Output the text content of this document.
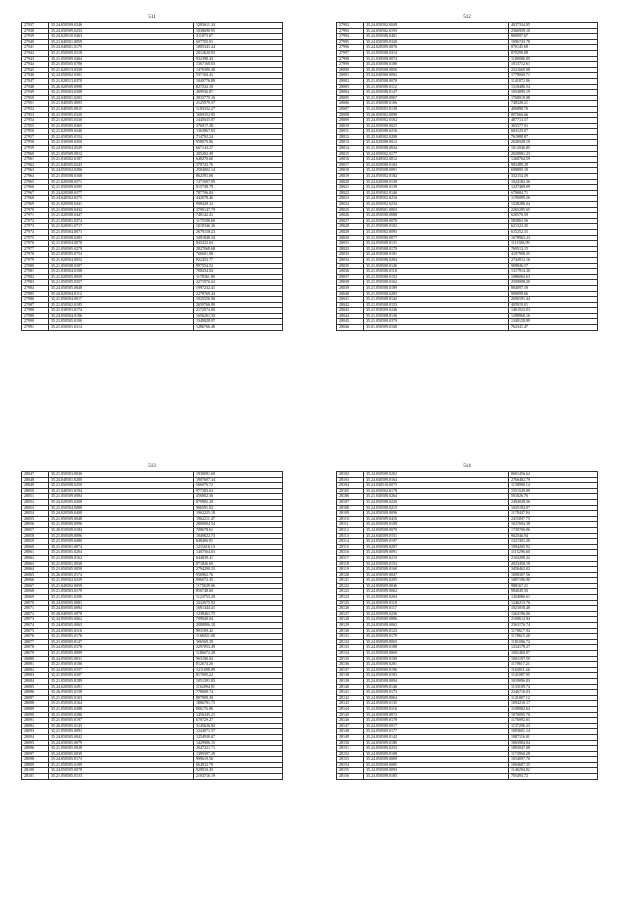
511
27937	35.24.050509.0246	1283611.34
27938	35.24.050509.0233	1038690.95
27939	35.24.020510.0463	311073.67
27940	35.21.040501.0059	607765.01
27941	35.24.040501.0175	1805341.24
27942	35.21.050509.0318	2012620.83
27943	35.21.050509.0404	932398.43
27944	35.21.050505.0786	1367168.03
27945	35.21.020513.0338	1478390.40
27946	35.24.050502.0301	537184.41
27947	35.21.020513.0370	1049776.89
27948	35.26.020509.0998	827232.10
27949	35.21.050503.0308	409936.87
27950	35.24.040501.0203	2833775.16
27951	35.21.040505.0095	2125979.57
27952	35.21.040505.0015	1183332.27
27953	35.21.050505.0320	1669352.95
27954	35.21.020505.0330	1445635.97
27955	35.21.050505.0365	376017.28
27956	35.21.020509.0246	1363867.65
27957	35.21.050505.0154	714792.24
27958	35.21.030509.0450	958070.86
27959	35.24.050504.0549	667143.27
27960	35.21.050509.0012	205202.49
27961	35.21.030502.0187	648270.60
27962	35.21.040505.0243	378743.76
27963	35.24.050502.0296	2584002.14
27964	35.21.050508.0168	862391.06
27965	35.21.020508.0371	1371697.09
27966	35.21.050509.0295	815748.79
27967	35.24.020508.0377	787706.84
27968	35.24.040502.0275	442078.46
27969	35.21.020508.0441	908428.32
27970	35.21.050509.0432	2790147.79
27971	35.21.020508.0447	748142.41
27972	35.21.050501.0374	1175590.68
27973	35.21.020501.0717	1018346.26
27974	35.21.050504.0071	2679158.23
27975	35.21.030508.0283	1091848.34
27976	35.21.030504.0078	845432.63
27977	35.21.050505.0279	2827068.68
27978	35.21.050505.0754	766601.08
27979	35.21.020504.0052	822453.77
27980	35.21.050508.0307	997554.52
27981	35.21.030504.0108	708434.04
27982	35.21.020505.0059	1178361.80
27983	35.21.050505.0357	2271976.62
27984	35.24.050505.0048	1997232.41
27985	35.24.020504.0112	2278769.44
27986	35.21.050504.0017	1025556.96
27987	35.21.050502.0185	2659766.99
27988	35.21.030501.0174	2172074.00
27989	35.24.050504.0196	1656201.35
27990	35.21.050505.0106	1349828.97
27991	35.21.050501.0314	1286766.48
512
27992	35.24.050502.0049	4037334.05
27993	35.24.050502.0193	2366959.10
27994	35.24.050508.0401	868097.67
27995	35.24.050509.0320	1096743.78
27996	35.24.020509.0076	870145.68
27997	35.24.050508.0314	870299.88
27998	35.21.030508.0074	1180086.85
27999	35.24.030508.0180	1013712.61
28000	35.26.050508.0056	2321669.08
28001	35.24.040508.0082	1778069.71
28002	35.21.050508.0078	1141872.06
28003	35.21.050508.0112	1318486.54
28004	35.24.050508.0147	1054099.19
28005	35.21.030508.0067	1768019.08
28006	35.21.030508.0106	748328.21
28007	35.24.050503.0138	406898.70
28008	35.26.050502.0098	807666.66
28009	35.24.050502.0192	487713.57
28010	35.24.050508.0021	365577.01
28011	35.24.020508.0216	684125.07
28012	35.25.040502.0200	761988.87
28013	35.24.020508.0012	2026928.19
28014	35.21.050508.0044	1612046.85
28015	35.24.050502.0177	2028981.23
28016	35.24.040502.0012	1268764.59
28017	35.24.020508.0184	983489.29
28018	35.24.050508.0091	698895.10
28019	35.24.050502.0182	332154.39
28020	35.24.020508.0138	1024182.36
28021	35.24.050508.0139	1237468.09
28022	35.24.050502.0146	679684.71
28023	35.24.050502.0216	1190089.26
28024	35.24.050502.0234	1328286.64
28025	35.21.050501.0003	2265295.65
28026	35.24.050508.0088	620576.50
28027	35.24.050508.0078	583863.56
28028	35.21.050509.0102	621322.45
28029	35.24.050502.0095	615252.15
28030	35.21.050509.0077	1678962.23
28031	35.24.050508.0131	1111384.09
28032	35.24.050508.0179	769513.15
28033	35.24.050508.0181	4107908.25
28034	35.21.050508.0284	2744912.16
28035	35.21.050508.0146	908846.57
28036	35.21.050508.0118	1317914.30
28037	35.21.050508.0152	1086084.63
28038	35.21.050508.0162	2509098.20
28039	35.21.050508.0189	984097.19
28040	35.21.050508.0205	908099.66
28041	35.21.050508.0142	2696591.44
28042	35.21.050508.0153	405919.01
28043	35.21.050509.0246	1461923.03
28044	35.21.050508.0136	1288966.16
28045	35.21.050509.0379	1349128.89
28046	35.01.050509.0168	762341.47
513
28047	35.21.050503.0036	1938091.68
28048	35.24.040501.0200	1907607.34
28049	35.21.050508.0250	566076.72
28050	35.21.040501.0194	977283.63
28051	35.21.050509.0084	356802.36
28052	35.24.020505.0208	870982.20
28053	35.21.050504.0088	906591.02
28054	35.24.020509.0400	1962225.18
28055	35.21.050509.0048	1962211.47
28056	35.21.050509.0096	2869004.54
28057	35.26.010509.0184	708678.61
28058	35.21.050509.0096	1049022.73
28059	35.21.050509.0480	648406.81
28060	35.21.050501.0074	1211616.13
28061	35.21.050505.0204	1407564.03
28062	35.21.050509.0162	644839.41
28063	35.21.050501.0038	871826.69
28064	35.21.050505.0058	2794290.33
28065	35.26.050505.0174	956962.76
28066	35.21.050502.0229	996072.35
28067	35.21.040502.0059	1175639.06
28068	35.21.050503.0179	856748.60
28069	35.21.050501.0290	1124753.20
28070	35.24.050505.0081	2332675.92
28071	35.24.050505.0084	1681444.41
28072	35.26.040505.0078	1238461.75
28073	35.24.050505.0062	799840.04
28074	35.24.050505.0063	2080006.18
28075	35.24.050505.0116	893109.42
28076	35.21.050505.0176	1166921.68
28077	35.21.050505.0147	306569.39
28078	35.24.050505.0378	2297053.49
28079	35.21.050505.0099	1186672.28
28080	35.24.050505.0031	963100.04
28081	35.21.050505.0100	812674.26
28082	35.24.050505.0157	1211698.09
28083	35.21.050505.0207	817695.22
28084	35.21.050505.0189	1051391.83
28085	35.24.020505.0291	1162094.91
28086	35.26.050505.0158	778689.74
28087	35.21.050505.0103	807990.30
28088	35.21.050505.0164	1886781.73
28089	35.21.050505.0288	806176.86
28090	35.21.050505.0286	1456345.21
28091	35.21.050505.0197	678729.27
28092	35.26.050505.0143	3145626.82
28093	35.21.050505.0091	1244071.57
28094	35.24.050505.0042	1254930.67
28095	35.24.050505.0079	1429906.15
28096	35.21.050505.0028	2047221.71
28097	35.24.050505.0039	1399397.29
28098	35.24.050505.0173	999619.56
28099	35.21.050505.0189	664932.79
28100	35.24.050505.0078	929810.45
28101	35.21.050505.0133	2103716.19
514
28102	35.24.050509.0202	8601456.64
28103	35.24.040509.0164	2766482.79
28104	35.24.040510.0075	1138900.14
28105	35.24.050502.0178	1551549.09
28106	35.21.040508.0264	501826.76
28107	35.24.050508.0226	2494028.56
28108	35.24.050508.0215	1025194.07
28109	35.24.050509.0096	1178447.04
28110	35.24.050509.0416	2415097.75
28111	35.24.050509.0109	1027694.38
28112	35.24.050508.0070	1739706.06
28113	35.24.040509.0151	902546.94
28114	35.24.050509.0197	1321301.20
28115	35.24.050509.0207	1094205.92
28116	35.24.040509.0091	1115296.60
28117	35.24.050509.0215	2104209.22
28118	35.24.050509.0153	2023450.19
28119	35.24.050509.0160	3450462.02
28120	35.24.050509.0047	1008307.56
28121	35.24.050509.0205	1087196.90
28122	35.24.050509.0046	988167.21
28123	35.24.050509.0062	984049.50
28124	35.24.050509.0204	1204086.61
28125	35.24.050509.0118	1246213.76
28126	35.24.050509.0117	1021058.48
28127	35.24.050509.0236	1264196.06
28128	35.24.050509.0086	2108612.84
28129	35.24.050509.0062	2563176.74
28130	35.24.050509.0123	1178617.94
28131	35.24.050509.0179	1178615.20
28132	35.24.050509.0065	1181006.74
28133	35.24.050509.0188	1234178.27
28134	35.24.050509.0069	1002460.07
28135	35.24.050509.0109	1003197.50
28136	35.24.050509.0201	1178617.21
28137	35.24.050509.0196	1163011.26
28138	35.24.050509.0183	1141087.95
28139	35.24.050509.0094	1019096.83
28140	35.24.050509.0146	1133109.74
28141	35.24.050509.0173	2246716.03
28142	35.24.050509.0064	1141007.12
28143	35.24.050509.0135	1094210.17
28144	35.24.050509.0116	1109002.64
28145	35.24.050509.0072	1070095.70
28146	35.24.050509.0178	1176092.03
28147	35.24.050509.0017	1137206.23
28148	35.24.050509.0177	1003601.14
28149	35.24.050509.0142	1087116.01
28150	35.24.050509.0180	1063904.04
28151	35.24.050509.0233	1083047.08
28152	35.24.050509.0108	1174960.28
28153	35.24.050509.0009	1054097.76
28154	35.24.050509.0085	1004687.25
28155	35.24.050509.0093	1146294.02
28156	35.24.050509.0185	705493.72
